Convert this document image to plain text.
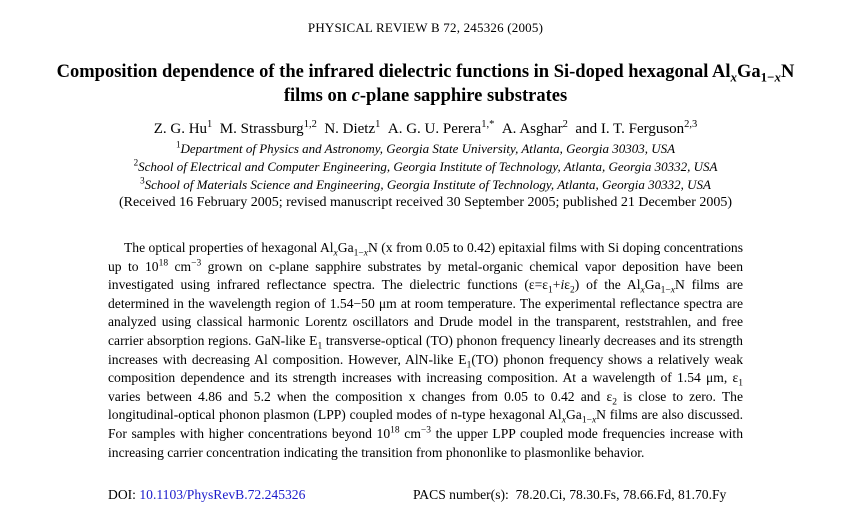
PHYSICAL REVIEW B 72, 245326 (2005)
Composition dependence of the infrared dielectric functions in Si-doped hexagonal $Al_xGa_{1-x}N$
films on c-plane sapphire substrates
Z. G. Hu$^1$ M. Strassburg$^{1,2}$ N. Dietz$^1$ A. G. U. Perera$^{1,*}$ A. Asghar$^2$  and I. T. Ferguson$^{2,3}$
$^1$Department of Physics and Astronomy, Georgia State University, Atlanta, Georgia 30303, USA
$^2$School of Electrical and Computer Engineering, Georgia Institute of Technology, Atlanta, Georgia 30332, USA
$^3$School of Materials Science and Engineering, Georgia Institute of Technology, Atlanta, Georgia 30332, USA
(Received 16 February 2005; revised manuscript received 30 September 2005; published 21 December 2005)
The optical properties of hexagonal $Al_xGa_{1-x}N$ (x from 0.05 to 0.42) epitaxial films with Si doping concentrations up to $10^{18}$ $cm^{-3}$ grown on c-plane sapphire substrates by metal-organic chemical vapor deposition have been investigated using infrared reflectance spectra. The dielectric functions $(\varepsilon=\varepsilon_1+i\varepsilon_2)$ of the $Al_xGa_{1-x}N$ films are determined in the wavelength region of 1.54−50 μm at room temperature. The experimental reflectance spectra are analyzed using classical harmonic Lorentz oscillators and Drude model in the transparent, reststrahlen, and free carrier absorption regions. GaN-like $E_1$ transverse-optical (TO) phonon frequency linearly decreases and its strength increases with decreasing Al composition. However, AlN-like $E_1(TO)$ phonon frequency shows a relatively weak composition dependence and its strength increases with increasing composition. At a wavelength of 1.54 μm, $\varepsilon_1$ varies between 4.86 and 5.2 when the composition x changes from 0.05 to 0.42 and $\varepsilon_2$ is close to zero. The longitudinal-optical phonon plasmon (LPP) coupled modes of n-type hexagonal $Al_xGa_{1-x}N$ films are also discussed. For samples with higher concentrations beyond $10^{18}$ $cm^{-3}$ the upper LPP coupled mode frequencies increase with increasing carrier concentration indicating the transition from phononlike to plasmonlike behavior.
DOI: 10.1103/PhysRevB.72.245326	PACS number(s): 78.20.Ci, 78.30.Fs, 78.66.Fd, 81.70.Fy
